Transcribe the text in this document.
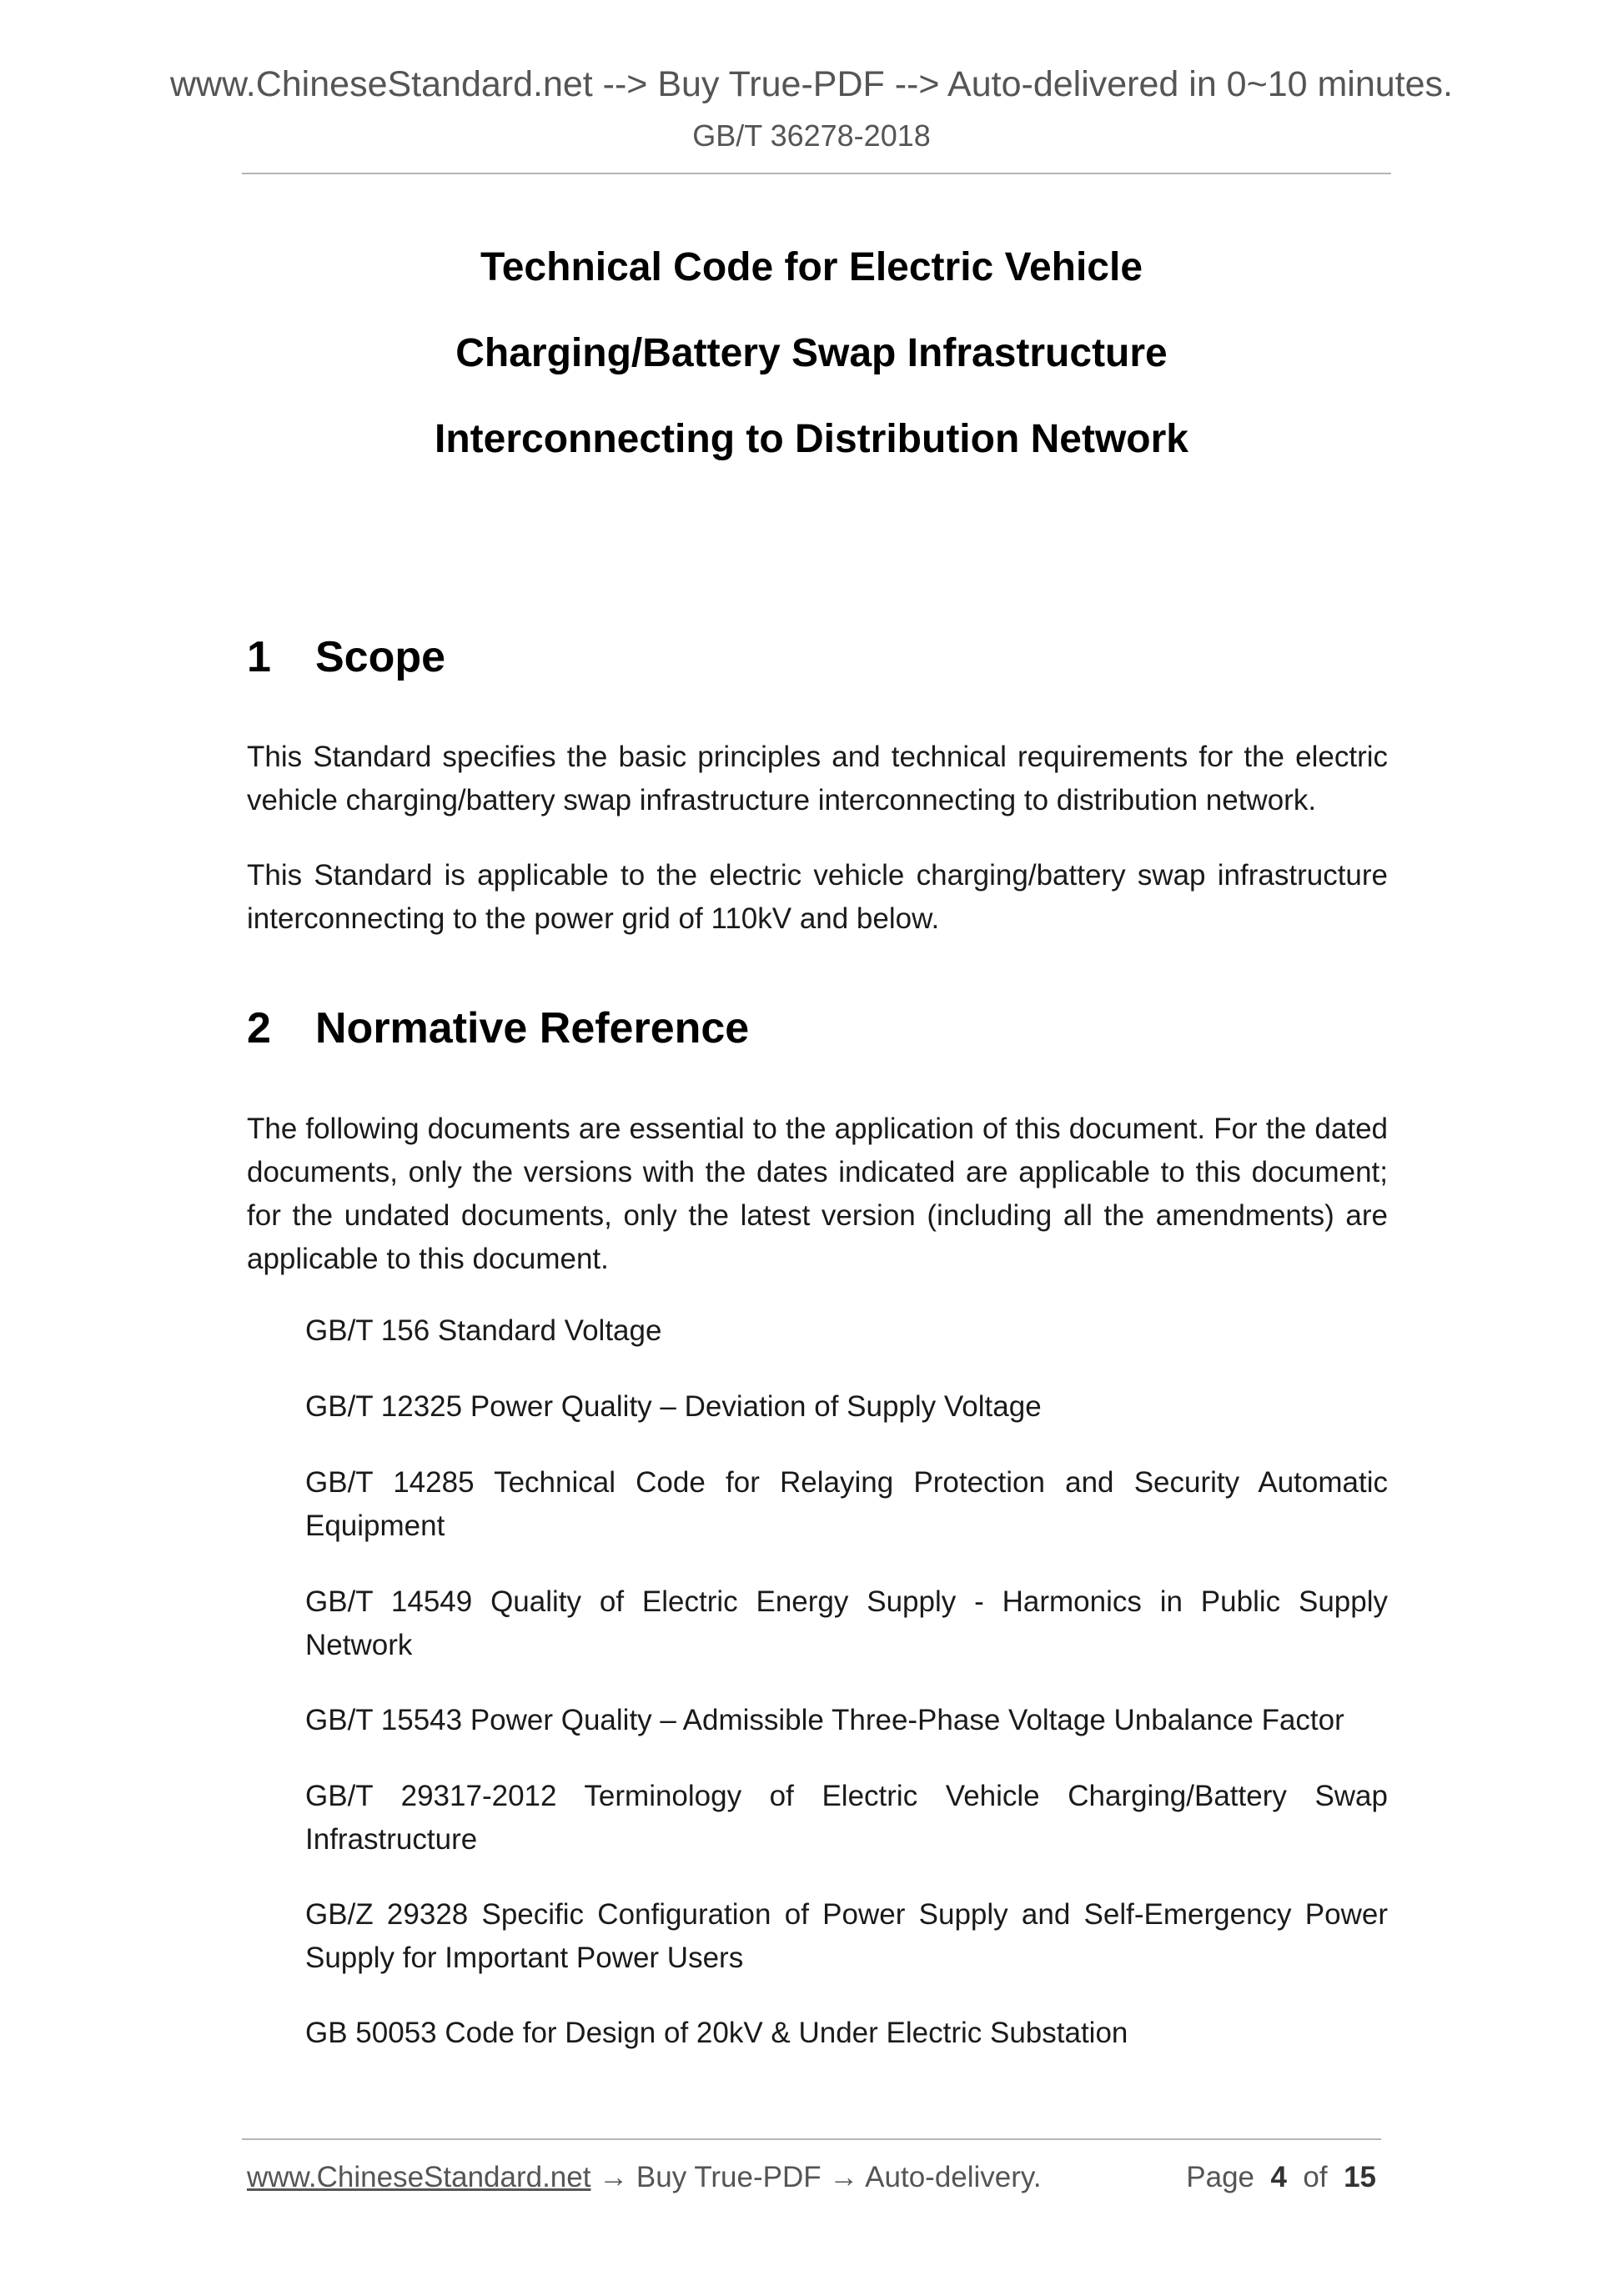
www.ChineseStandard.net --> Buy True-PDF --> Auto-delivered in 0~10 minutes.
GB/T 36278-2018
Technical Code for Electric Vehicle
Charging/Battery Swap Infrastructure
Interconnecting to Distribution Network
1 Scope

This Standard specifies the basic principles and technical requirements for the electric vehicle charging/battery swap infrastructure interconnecting to distribution network.

This Standard is applicable to the electric vehicle charging/battery swap infrastructure interconnecting to the power grid of 110kV and below.

2 Normative Reference

The following documents are essential to the application of this document. For the dated documents, only the versions with the dates indicated are applicable to this document; for the undated documents, only the latest version (including all the amendments) are applicable to this document.

GB/T 156 Standard Voltage

GB/T 12325 Power Quality – Deviation of Supply Voltage

GB/T 14285 Technical Code for Relaying Protection and Security Automatic Equipment

GB/T 14549 Quality of Electric Energy Supply - Harmonics in Public Supply Network

GB/T 15543 Power Quality – Admissible Three-Phase Voltage Unbalance Factor

GB/T 29317-2012 Terminology of Electric Vehicle Charging/Battery Swap Infrastructure

GB/Z 29328 Specific Configuration of Power Supply and Self-Emergency Power Supply for Important Power Users

GB 50053 Code for Design of 20kV & Under Electric Substation

www.ChineseStandard.net → Buy True-PDF → Auto-delivery.	Page 4 of 15
